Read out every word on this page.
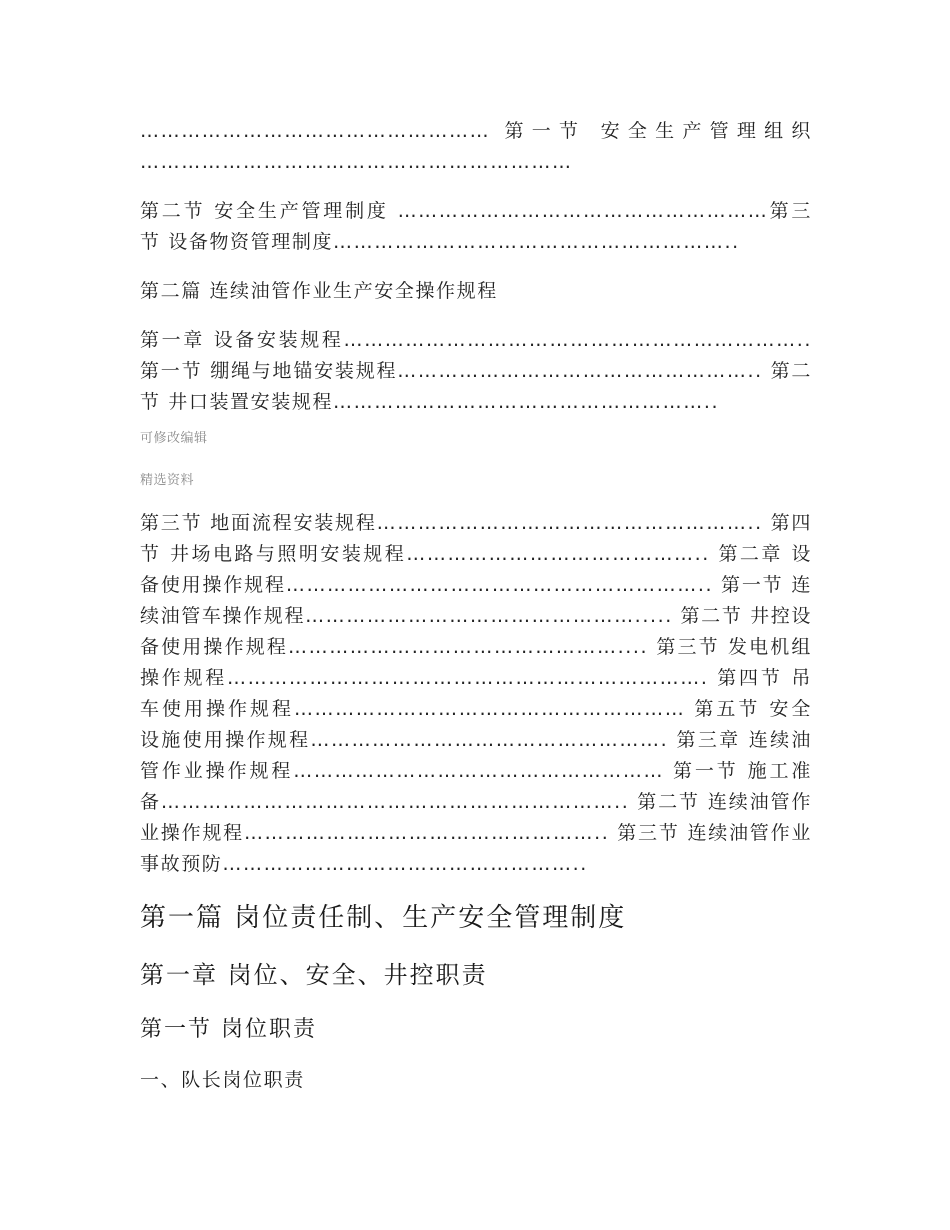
…………………………………………… 第一节 安全生产管理组织 ………………………………………………………

第二节 安全生产管理制度 ………………………………………………第三节 设备物资管理制度…………………………………………………..

第二篇 连续油管作业生产安全操作规程

第一章 设备安装规程………………………………………………………….. 第一节 绷绳与地锚安装规程…………………………………………….. 第二节 井口装置安装规程………………………………………………..

可修改编辑

精选资料

第三节 地面流程安装规程……………………………………………….. 第四节 井场电路与照明安装规程…………………………………….. 第二章 设备使用操作规程…………………………………………………….. 第一节 连续油管车操作规程…………………………………………..... 第二节 井控设备使用操作规程………………………………………….... 第三节 发电机组操作规程……………………………………………………………. 第四节 吊车使用操作规程………………………………………………… 第五节 安全设施使用操作规程……………………………………………. 第三章 连续油管作业操作规程……………………………………………… 第一节 施工准备………………………………………………………….. 第二节 连续油管作业操作规程…………………………………………….. 第三节 连续油管作业事故预防……………………………………………..

第一篇 岗位责任制、生产安全管理制度
第一章 岗位、安全、井控职责
第一节 岗位职责
一、队长岗位职责
